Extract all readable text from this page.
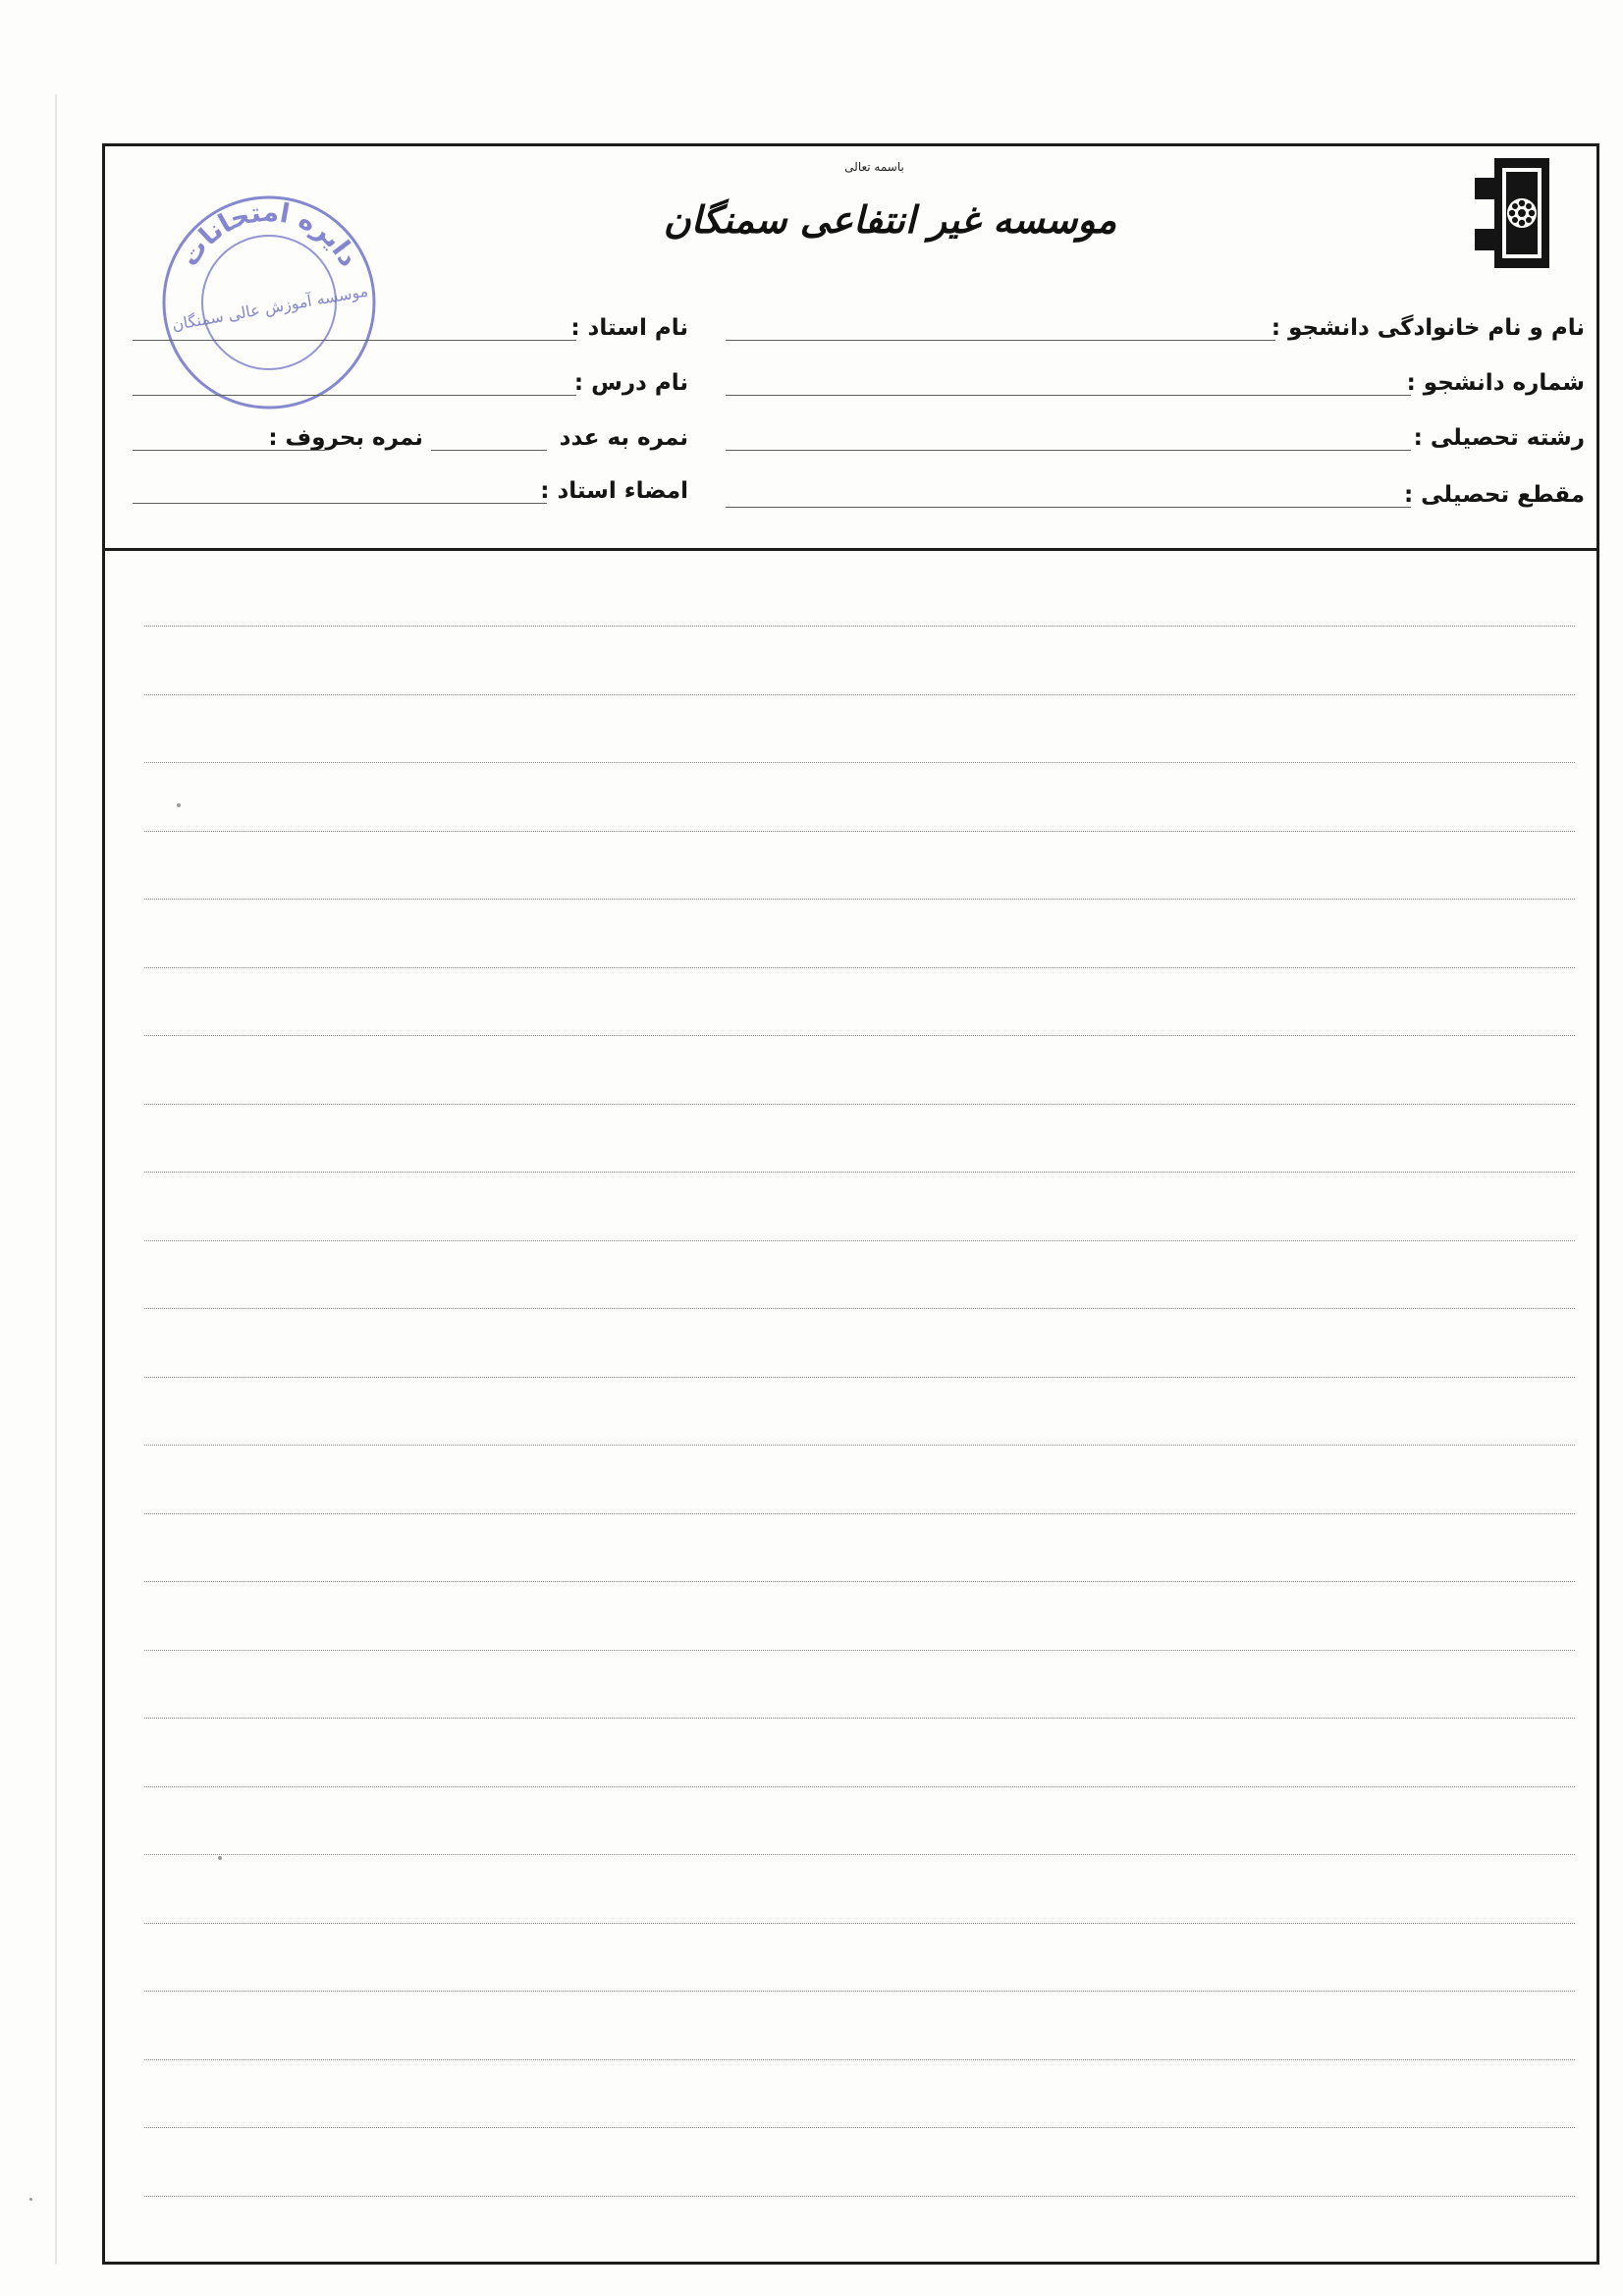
باسمه تعالی
موسسه غیر انتفاعی سمنگان
دایره امتحانات
موسسه آموزش عالی سمنگان	نام و نام خانوادگی دانشجو :
شماره دانشجو :
رشته تحصیلی :
مقطع تحصیلی :
نام استاد :
نام درس :
نمره به عدد
نمره بحروف :
امضاء استاد :
